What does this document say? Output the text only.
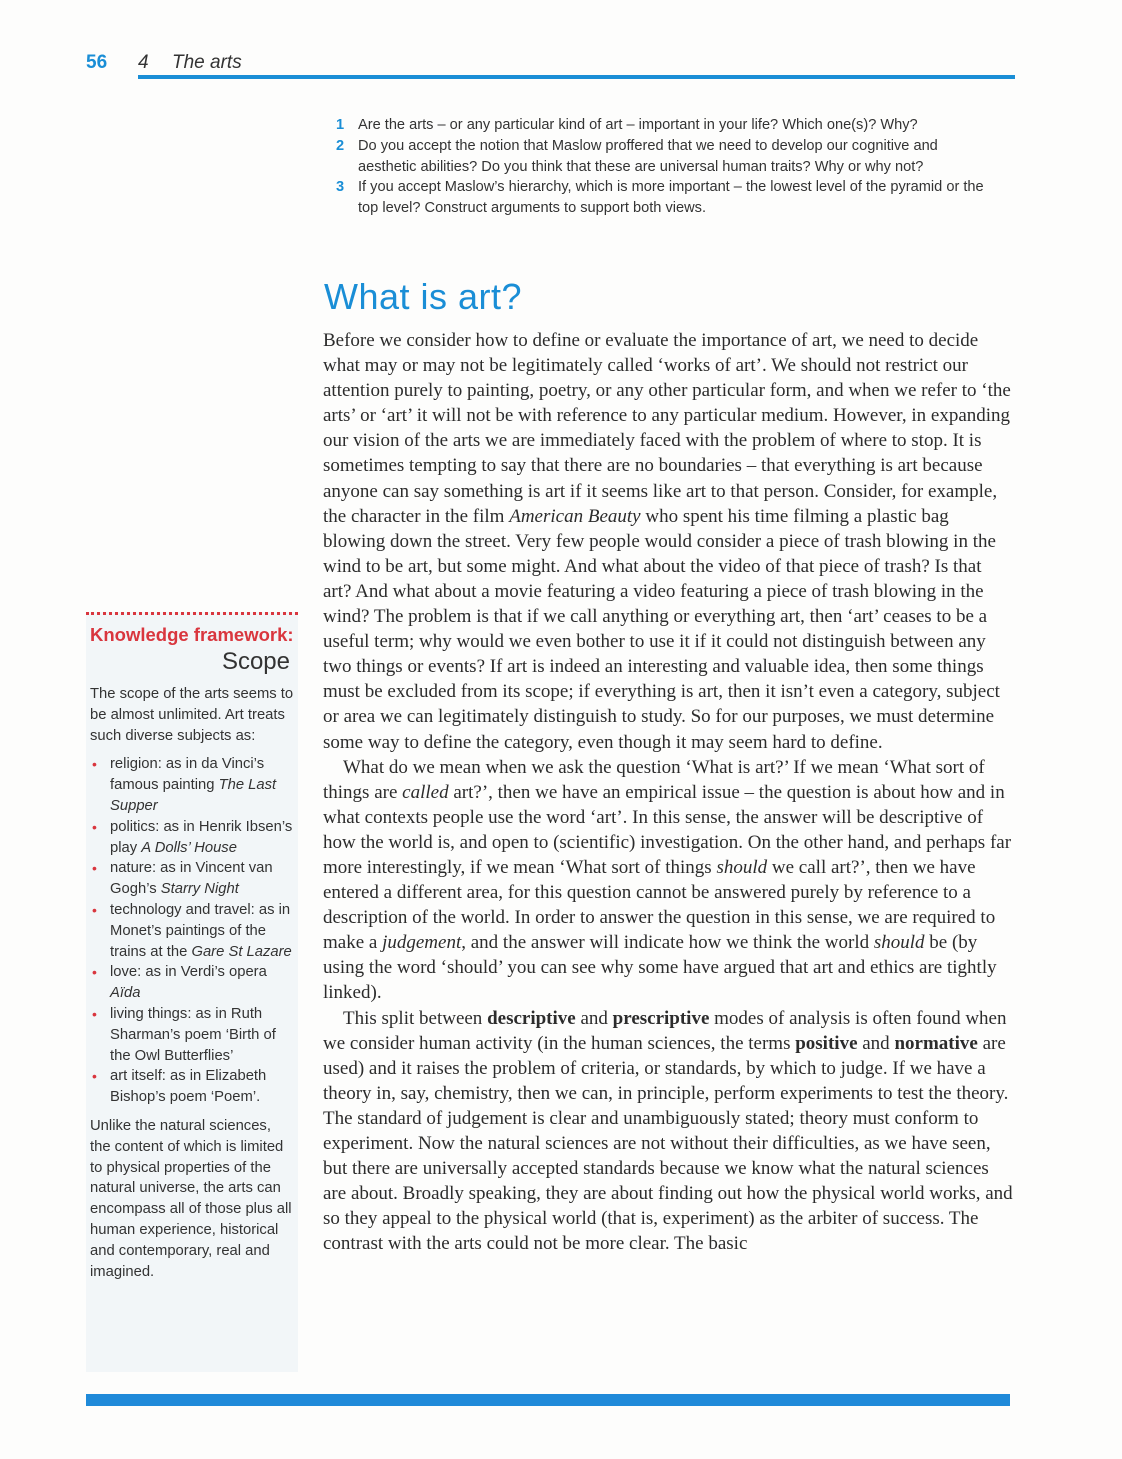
56 4 The arts
1 Are the arts – or any particular kind of art – important in your life? Which one(s)? Why?
2 Do you accept the notion that Maslow proffered that we need to develop our cognitive and aesthetic abilities? Do you think that these are universal human traits? Why or why not?
3 If you accept Maslow’s hierarchy, which is more important – the lowest level of the pyramid or the top level? Construct arguments to support both views.
What is art?

Before we consider how to define or evaluate the importance of art, we need to decide what may or may not be legitimately called ‘works of art’. We should not restrict our attention purely to painting, poetry, or any other particular form, and when we refer to ‘the arts’ or ‘art’ it will not be with reference to any particular medium. However, in expanding our vision of the arts we are immediately faced with the problem of where to stop. It is sometimes tempting to say that there are no boundaries – that everything is art because anyone can say something is art if it seems like art to that person. Consider, for example, the character in the film American Beauty who spent his time filming a plastic bag blowing down the street. Very few people would consider a piece of trash blowing in the wind to be art, but some might. And what about the video of that piece of trash? Is that art? And what about a movie featuring a video featuring a piece of trash blowing in the wind? The problem is that if we call anything or everything art, then ‘art’ ceases to be a useful term; why would we even bother to use it if it could not distinguish between any two things or events? If art is indeed an interesting and valuable idea, then some things must be excluded from its scope; if everything is art, then it isn’t even a category, subject or area we can legitimately distinguish to study. So for our purposes, we must determine some way to define the category, even though it may seem hard to define.

What do we mean when we ask the question ‘What is art?’ If we mean ‘What sort of things are called art?’, then we have an empirical issue – the question is about how and in what contexts people use the word ‘art’. In this sense, the answer will be descriptive of how the world is, and open to (scientific) investigation. On the other hand, and perhaps far more interestingly, if we mean ‘What sort of things should we call art?’, then we have entered a different area, for this question cannot be answered purely by reference to a description of the world. In order to answer the question in this sense, we are required to make a judgement, and the answer will indicate how we think the world should be (by using the word ‘should’ you can see why some have argued that art and ethics are tightly linked).

This split between descriptive and prescriptive modes of analysis is often found when we consider human activity (in the human sciences, the terms positive and normative are used) and it raises the problem of criteria, or standards, by which to judge. If we have a theory in, say, chemistry, then we can, in principle, perform experiments to test the theory. The standard of judgement is clear and unambiguously stated; theory must conform to experiment. Now the natural sciences are not without their difficulties, as we have seen, but there are universally accepted standards because we know what the natural sciences are about. Broadly speaking, they are about finding out how the physical world works, and so they appeal to the physical world (that is, experiment) as the arbiter of success. The contrast with the arts could not be more clear. The basic

Knowledge framework:
Scope

The scope of the arts seems to be almost unlimited. Art treats such diverse subjects as:

• religion: as in da Vinci’s famous painting The Last Supper
• politics: as in Henrik Ibsen’s play A Dolls’ House
• nature: as in Vincent van Gogh’s Starry Night
• technology and travel: as in Monet’s paintings of the trains at the Gare St Lazare
• love: as in Verdi’s opera Aïda
• living things: as in Ruth Sharman’s poem ‘Birth of the Owl Butterflies’
• art itself: as in Elizabeth Bishop’s poem ‘Poem’.

Unlike the natural sciences, the content of which is limited to physical properties of the natural universe, the arts can encompass all of those plus all human experience, historical and contemporary, real and imagined.
